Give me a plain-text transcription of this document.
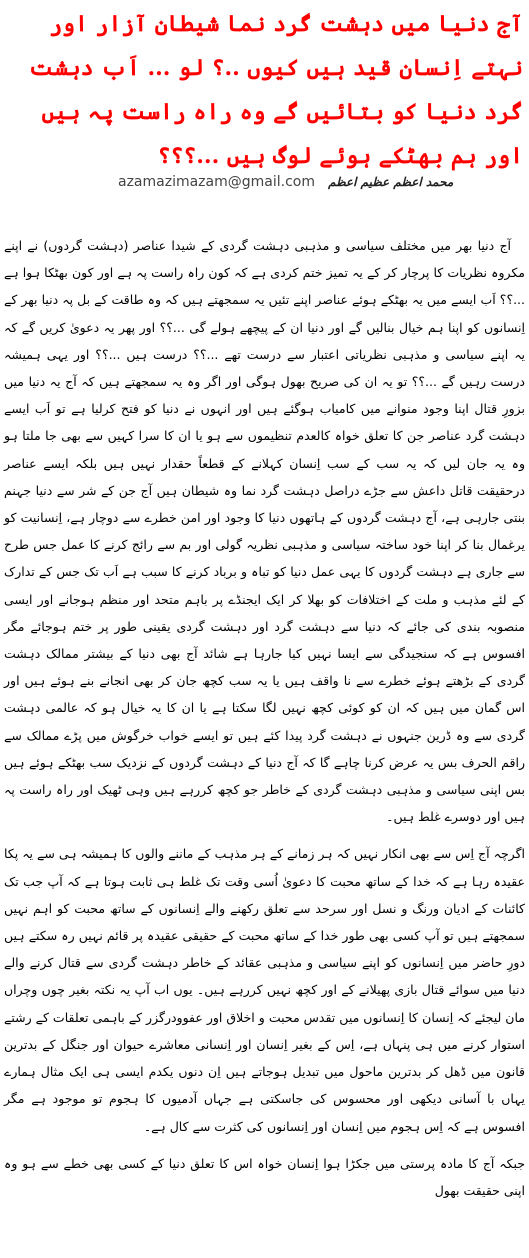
آج دنیا میں دہشت گرد نما شیطان آزار اور نہتے اِنسان قید ہیں کیوں ..؟ لو ... اَب دہشت گرد دنیا کو بتائیں گے وہ راہ راست پہ ہیں اور ہم بھٹکے ہوئے لوگ ہیں ...؟؟؟
azamazimazam@gmail.com محمد اعظم عظیم اعظم

آج دنیا بھر میں مختلف سیاسی و مذہبی دہشت گردی کے شیدا عناصر (دہشت گردوں) نے اپنے مکروہ نظریات کا پرچار کر کے یہ تمیز ختم کردی ہے کہ کون راہ راست پہ ہے اور کون بھٹکا ہوا ہے ...؟؟ اَب ایسے میں یہ بھٹکے ہوئے عناصر اپنے تئیں یہ سمجھتے ہیں کہ وہ طاقت کے بل پہ دنیا بھر کے اِنسانوں کو اپنا ہم خیال بنالیں گے اور دنیا ان کے پیچھے ہولے گی ...؟؟ اور پھر یہ دعویٰ کریں گے کہ یہ اپنے سیاسی و مذہبی نظریاتی اعتبار سے درست تھے ...؟؟ درست ہیں ...؟؟ اور یہی ہمیشہ درست رہیں گے ...؟؟ تو یہ ان کی صریح بھول ہوگی اور اگر وہ یہ سمجھتے ہیں کہ آج یہ دنیا میں بزورِ قتال اپنا وجود منوانے میں کامیاب ہوگئے ہیں اور انہوں نے دنیا کو فتح کرلیا ہے تو اَب ایسے دہشت گرد عناصر جن کا تعلق خواہ کالعدم تنظیموں سے ہو یا ان کا سرا کہیں سے بھی جا ملتا ہو وہ یہ جان لیں کہ یہ سب کے سب اِنسان کہلانے کے قطعاً حقدار نہیں ہیں بلکہ ایسے عناصر درحقیقت قاتل داعش سے جڑے دراصل دہشت گرد نما وہ شیطان ہیں آج جن کے شر سے دنیا جہنم بنتی جارہی ہے، آج دہشت گردوں کے ہاتھوں دنیا کا وجود اور امن خطرے سے دوچار ہے، اِنسانیت کو یرغمال بنا کر اپنا خود ساختہ سیاسی و مذہبی نظریہ گولی اور بم سے رائج کرنے کا عمل جس طرح سے جاری ہے دہشت گردوں کا یہی عمل دنیا کو تباہ و برباد کرنے کا سبب ہے اَب تک جس کے تدارک کے لئے مذہب و ملت کے اختلافات کو بھلا کر ایک ایجنڈے پر باہم متحد اور منظم ہوجانے اور ایسی منصوبہ بندی کی جائے کہ دنیا سے دہشت گرد اور دہشت گردی یقینی طور پر ختم ہوجائے مگر افسوس ہے کہ سنجیدگی سے ایسا نہیں کیا جارہا ہے شائد آج بھی دنیا کے بیشتر ممالک دہشت گردی کے بڑھتے ہوئے خطرے سے نا واقف ہیں یا یہ سب کچھ جان کر بھی انجانے بنے ہوئے ہیں اور اس گمان میں ہیں کہ ان کو کوئی کچھ نہیں لگا سکتا ہے یا ان کا یہ خیال ہو کہ عالمی دہشت گردی سے وہ ڈرین جنہوں نے دہشت گرد پیدا کئے ہیں تو ایسے خواب خرگوش میں پڑے ممالک سے راقم الحرف بس یہ عرض کرنا چاہے گا کہ آج دنیا کے دہشت گردوں کے نزدیک سب بھٹکے ہوئے ہیں بس اپنی سیاسی و مذہبی دہشت گردی کے خاطر جو کچھ کررہے ہیں وہی ٹھیک اور راہ راست پہ ہیں اور دوسرے غلط ہیں۔

اگرچہ آج اِس سے بھی انکار نہیں کہ ہر زمانے کے ہر مذہب کے ماننے والوں کا ہمیشہ ہی سے یہ پکا عقیدہ رہا ہے کہ خدا کے ساتھ محبت کا دعویٰ اُسی وقت تک غلط ہی ثابت ہوتا ہے کہ آپ جب تک کائنات کے ادیان ورنگ و نسل اور سرحد سے تعلق رکھنے والے اِنسانوں کے ساتھ محبت کو اہم نہیں سمجھتے ہیں تو آپ کسی بھی طور خدا کے ساتھ محبت کے حقیقی عقیدہ پر قائم نہیں رہ سکتے ہیں دورِ حاضر میں اِنسانوں کو اپنے سیاسی و مذہبی عقائد کے خاطر دہشت گردی سے قتال کرنے والے دنیا میں سوائے قتال بازی پھیلانے کے اور کچھ نہیں کررہے ہیں۔ یوں اب آپ یہ نکتہ بغیر چوں وچراں مان لیجئے کہ اِنسان کا اِنسانوں میں تقدس محبت و اخلاق اور عفوودرگزر کے باہمی تعلقات کے رشتے استوار کرنے میں ہی پنہاں ہے، اِس کے بغیر اِنسان اور اِنسانی معاشرے حیوان اور جنگل کے بدترین قانون میں ڈھل کر بدترین ماحول میں تبدیل ہوجاتے ہیں اِن دنوں یکدم ایسی ہی ایک مثال ہمارے یہاں با آسانی دیکھی اور محسوس کی جاسکتی ہے جہاں آدمیوں کا ہجوم تو موجود ہے مگر افسوس ہے کہ اِس ہجوم میں اِنسان اور اِنسانوں کی کثرت سے کال ہے۔

جبکہ آج کا مادہ پرستی میں جکڑا ہوا اِنسان خواہ اس کا تعلق دنیا کے کسی بھی خطے سے ہو وہ اپنی حقیقت بھول
